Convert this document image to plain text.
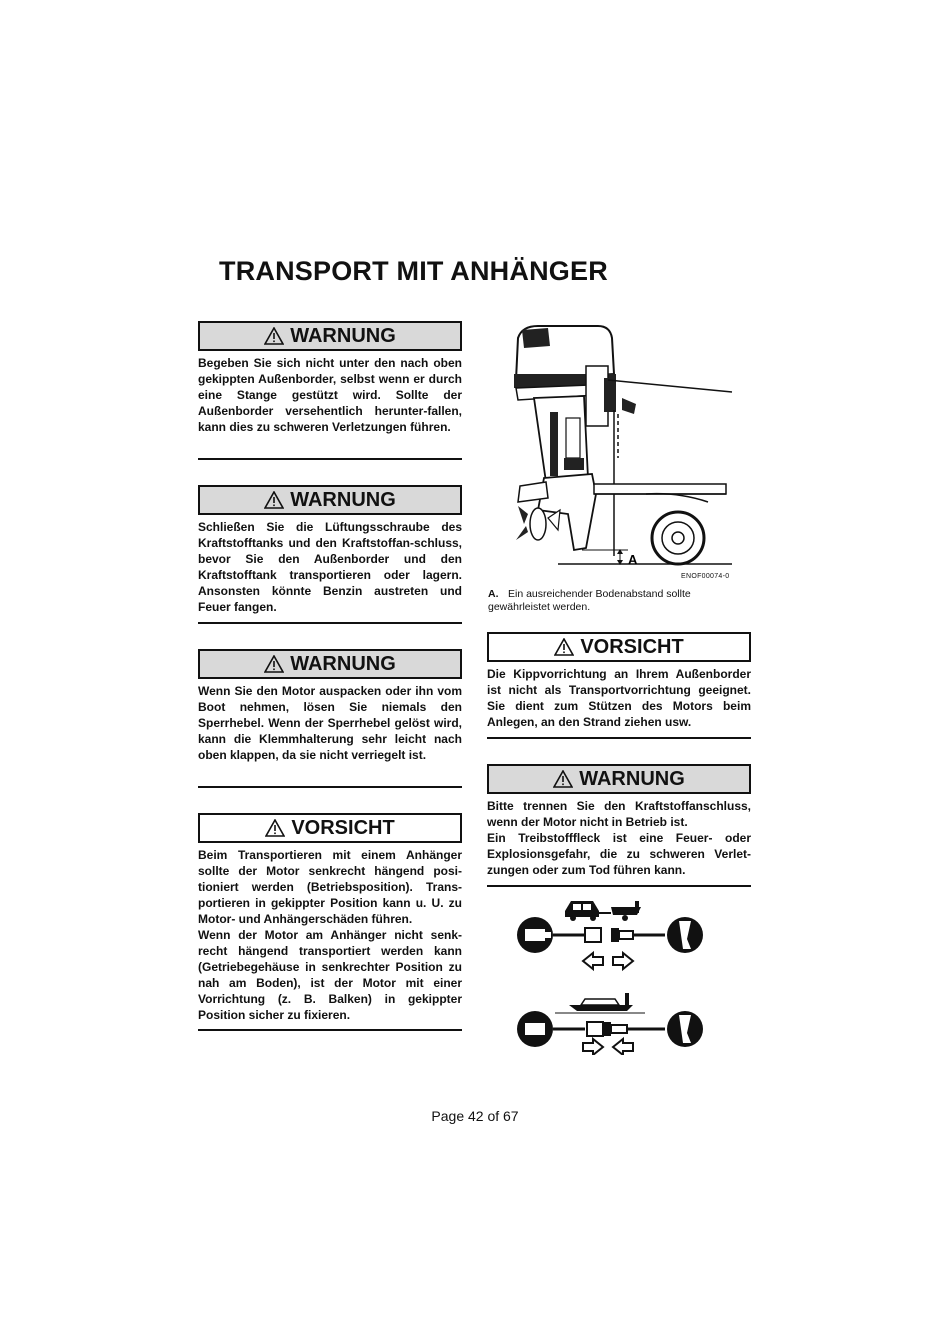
TRANSPORT MIT ANHÄNGER
WARNUNG

Begeben Sie sich nicht unter den nach oben gekippten Außenborder, selbst wenn er durch eine Stange gestützt wird. Sollte der Außenborder versehentlich herunter-fallen, kann dies zu schweren Verletzungen führen.

WARNUNG

Schließen Sie die Lüftungsschraube des Kraftstofftanks und den Kraftstoffan-schluss, bevor Sie den Außenborder und den Kraftstofftank transportieren oder lagern. Ansonsten könnte Benzin austreten und Feuer fangen.

WARNUNG

Wenn Sie den Motor auspacken oder ihn vom Boot nehmen, lösen Sie niemals den Sperrhebel. Wenn der Sperrhebel gelöst wird, kann die Klemmhalterung sehr leicht nach oben klappen, da sie nicht verriegelt ist.

VORSICHT

Beim Transportieren mit einem Anhänger sollte der Motor senkrecht hängend posi-tioniert werden (Betriebsposition). Trans-portieren in gekippter Position kann u. U. zu Motor- und Anhängerschäden führen.
Wenn der Motor am Anhänger nicht senk-recht hängend transportiert werden kann (Getriebegehäuse in senkrechter Position zu nah am Boden), ist der Motor mit einer Vorrichtung (z. B. Balken) in gekippter Position sicher zu fixieren.

A
ENOF00074-0
A. Ein ausreichender Bodenabstand sollte gewährleistet werden.
VORSICHT

Die Kippvorrichtung an Ihrem Außenborder ist nicht als Transportvorrichtung geeignet. Sie dient zum Stützen des Motors beim Anlegen, an den Strand ziehen usw.

WARNUNG

Bitte trennen Sie den Kraftstoffanschluss, wenn der Motor nicht in Betrieb ist.
Ein Treibstofffleck ist eine Feuer- oder Explosionsgefahr, die zu schweren Verlet-zungen oder zum Tod führen kann.

Page 42 of 67
